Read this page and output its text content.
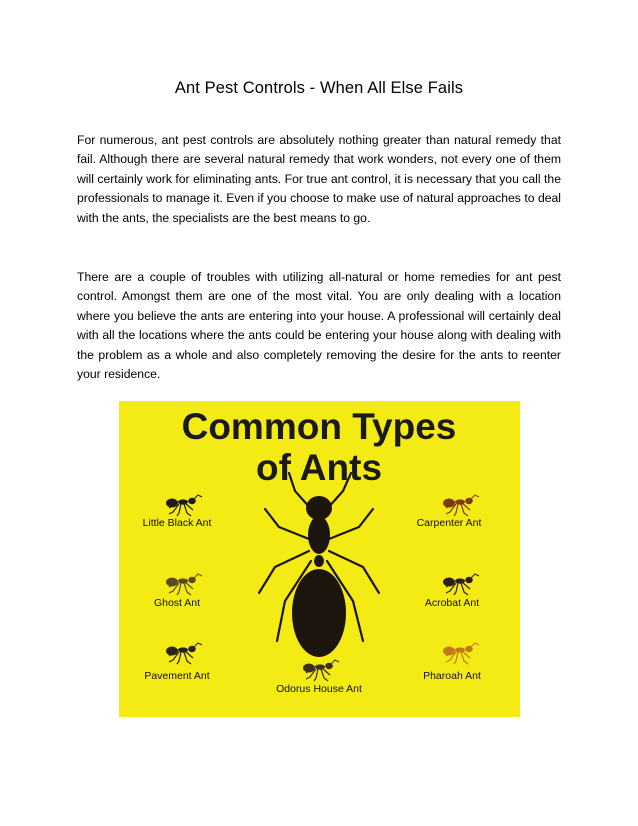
Ant Pest Controls - When All Else Fails

For numerous, ant pest controls are absolutely nothing greater than natural remedy that fail. Although there are several natural remedy that work wonders, not every one of them will certainly work for eliminating ants. For true ant control, it is necessary that you call the professionals to manage it. Even if you choose to make use of natural approaches to deal with the ants, the specialists are the best means to go.

There are a couple of troubles with utilizing all-natural or home remedies for ant pest control. Amongst them are one of the most vital. You are only dealing with a location where you believe the ants are entering into your house. A professional will certainly deal with all the locations where the ants could be entering your house along with dealing with the problem as a whole and also completely removing the desire for the ants to reenter your residence.

Common Types
of Ants
Little Black Ant
Ghost Ant
Pavement Ant
Odorus House Ant
Carpenter Ant
Acrobat Ant
Pharoah Ant
